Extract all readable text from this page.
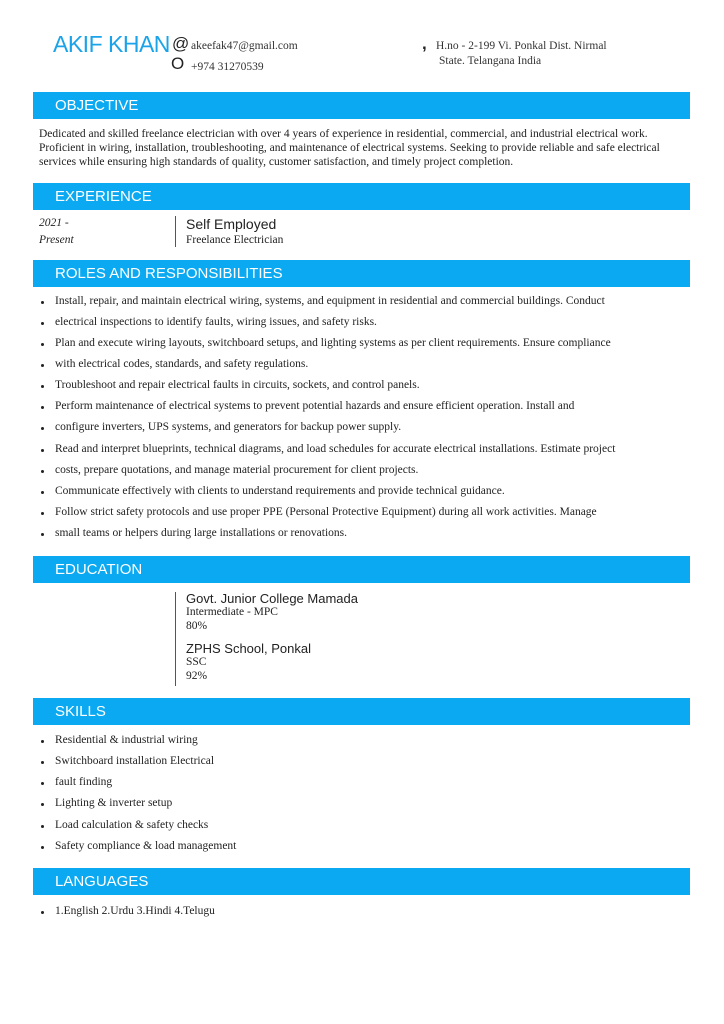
AKIF KHAN @ akeefak47@gmail.com
O +974 31270539
, H.no - 2-199 Vi. Ponkal Dist. Nirmal
State. Telangana India
OBJECTIVE
Dedicated and skilled freelance electrician with over 4 years of experience in residential, commercial, and industrial electrical work. Proficient in wiring, installation, troubleshooting, and maintenance of electrical systems. Seeking to provide reliable and safe electrical services while ensuring high standards of quality, customer satisfaction, and timely project completion.
EXPERIENCE
2021 -
Present
Self Employed
Freelance Electrician
ROLES AND RESPONSIBILITIES
Install, repair, and maintain electrical wiring, systems, and equipment in residential and commercial buildings. Conduct
electrical inspections to identify faults, wiring issues, and safety risks.
Plan and execute wiring layouts, switchboard setups, and lighting systems as per client requirements. Ensure compliance
with electrical codes, standards, and safety regulations.
Troubleshoot and repair electrical faults in circuits, sockets, and control panels.
Perform maintenance of electrical systems to prevent potential hazards and ensure efficient operation. Install and
configure inverters, UPS systems, and generators for backup power supply.
Read and interpret blueprints, technical diagrams, and load schedules for accurate electrical installations. Estimate project
costs, prepare quotations, and manage material procurement for client projects.
Communicate effectively with clients to understand requirements and provide technical guidance.
Follow strict safety protocols and use proper PPE (Personal Protective Equipment) during all work activities. Manage
small teams or helpers during large installations or renovations.
EDUCATION
Govt. Junior College Mamada
Intermediate - MPC
80%
ZPHS School, Ponkal
SSC
92%
SKILLS
Residential & industrial wiring
Switchboard installation Electrical
fault finding
Lighting & inverter setup
Load calculation & safety checks
Safety compliance & load management
LANGUAGES
1.English 2.Urdu 3.Hindi 4.Telugu
